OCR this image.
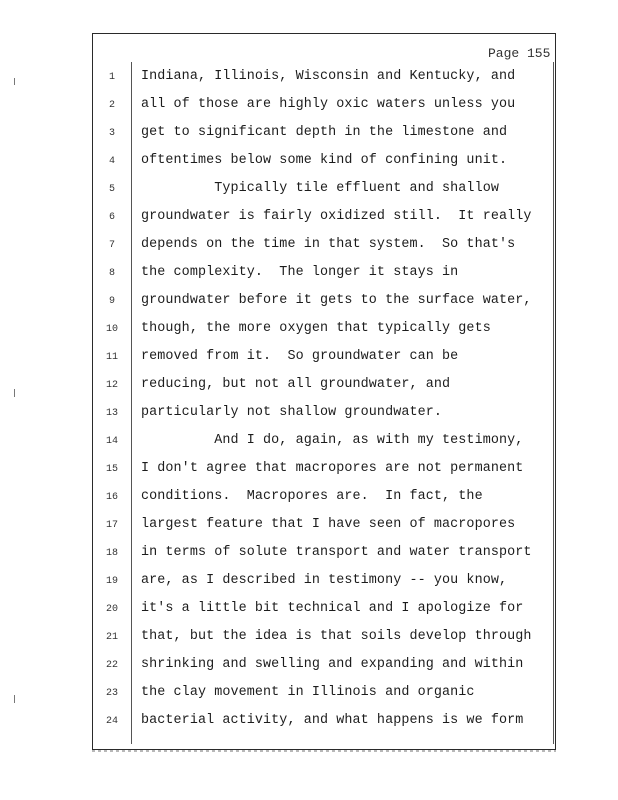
Page 155
1	Indiana, Illinois, Wisconsin and Kentucky, and
2	all of those are highly oxic waters unless you
3	get to significant depth in the limestone and
4	oftentimes below some kind of confining unit.
5	Typically tile effluent and shallow
6	groundwater is fairly oxidized still.  It really
7	depends on the time in that system.  So that's
8	the complexity.  The longer it stays in
9	groundwater before it gets to the surface water,
10	though, the more oxygen that typically gets
11	removed from it.  So groundwater can be
12	reducing, but not all groundwater, and
13	particularly not shallow groundwater.
14	And I do, again, as with my testimony,
15	I don't agree that macropores are not permanent
16	conditions.  Macropores are.  In fact, the
17	largest feature that I have seen of macropores
18	in terms of solute transport and water transport
19	are, as I described in testimony -- you know,
20	it's a little bit technical and I apologize for
21	that, but the idea is that soils develop through
22	shrinking and swelling and expanding and within
23	the clay movement in Illinois and organic
24	bacterial activity, and what happens is we form
